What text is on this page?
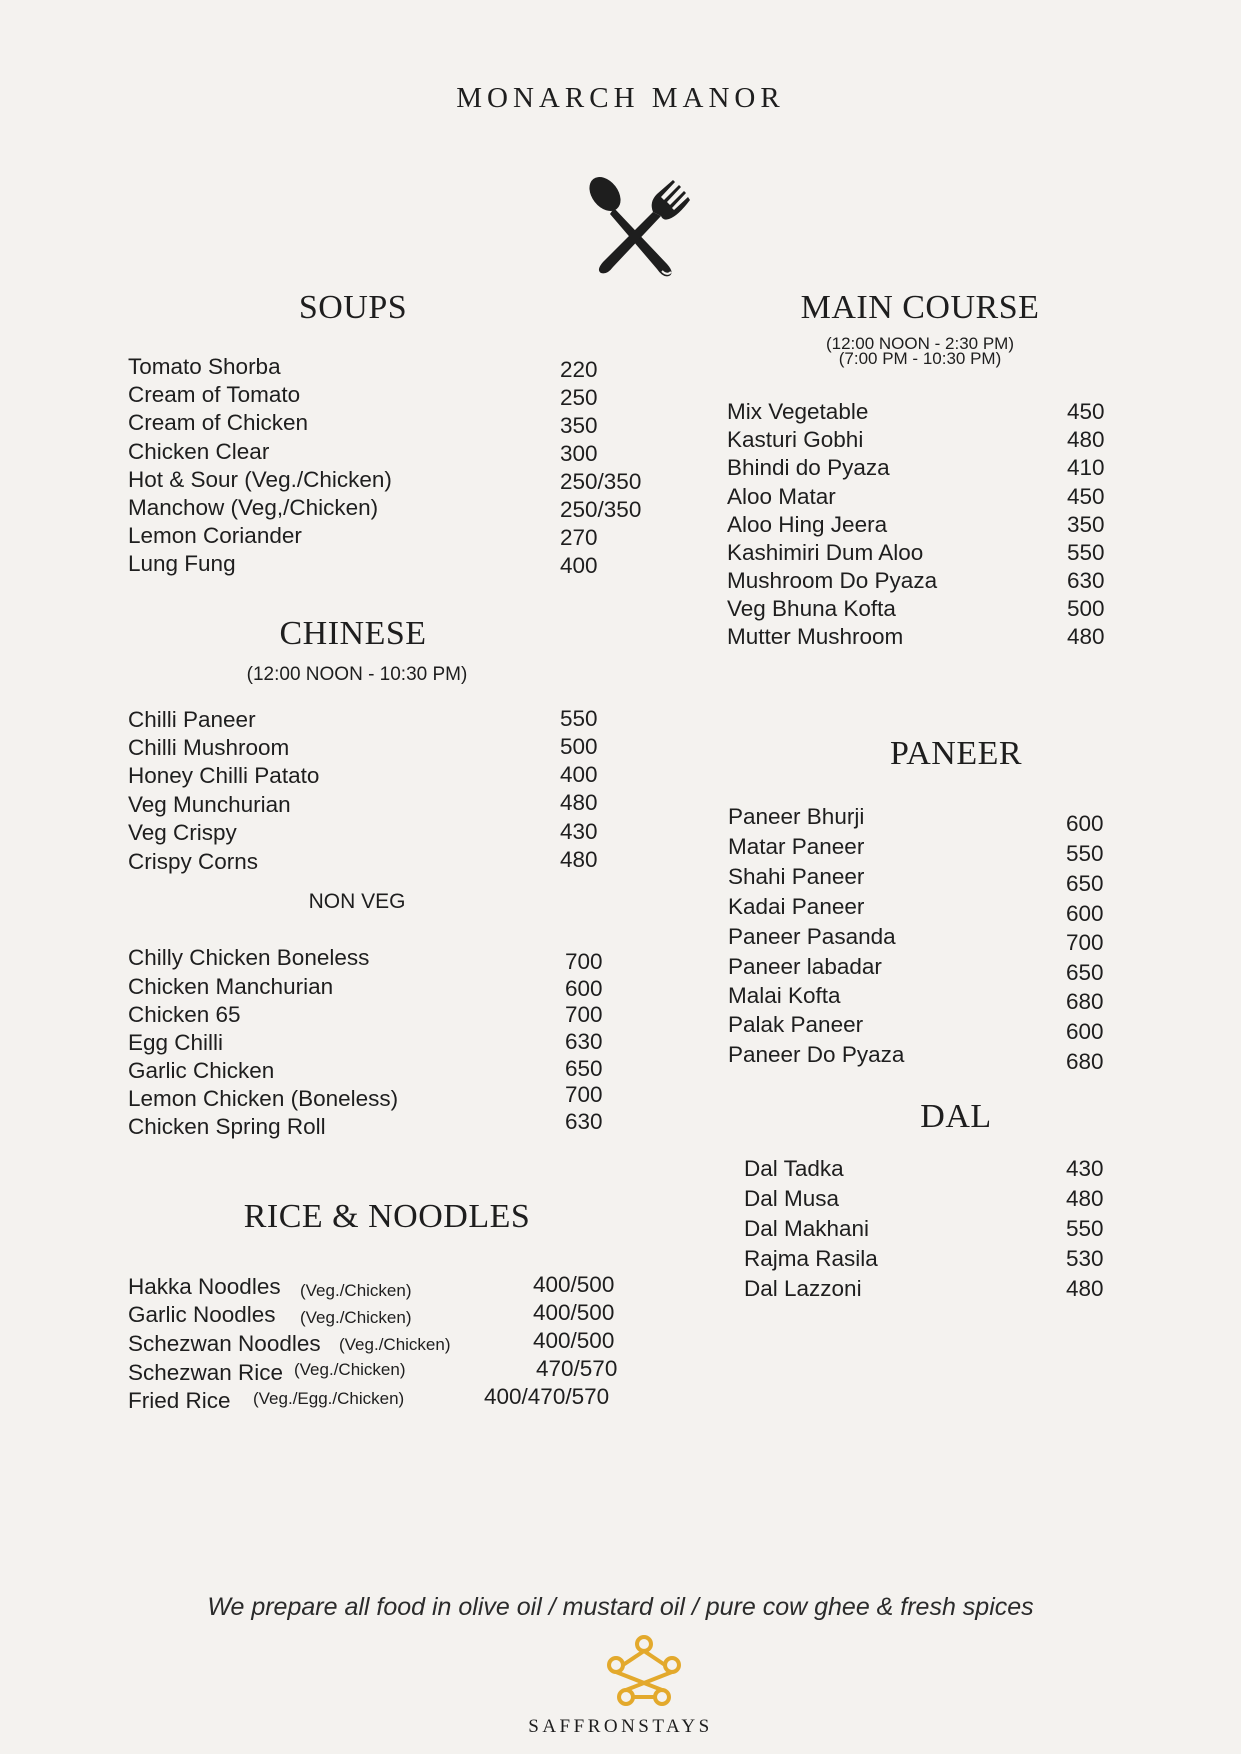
MONARCH MANOR
SOUPS
Tomato Shorba	220
Cream of Tomato	250
Cream of Chicken	350
Chicken Clear	300
Hot & Sour (Veg./Chicken)	250/350
Manchow (Veg,/Chicken)	250/350
Lemon Coriander	270
Lung Fung	400
CHINESE
(12:00 NOON - 10:30 PM)
Chilli Paneer	550
Chilli Mushroom	500
Honey Chilli Patato	400
Veg Munchurian	480
Veg Crispy	430
Crispy Corns	480
NON VEG
Chilly Chicken Boneless	700
Chicken Manchurian	600
Chicken 65	700
Egg Chilli	630
Garlic Chicken	650
Lemon Chicken (Boneless)	700
Chicken Spring Roll	630
RICE & NOODLES
Hakka Noodles (Veg./Chicken)	400/500
Garlic Noodles (Veg./Chicken)	400/500
Schezwan Noodles (Veg./Chicken)	400/500
Schezwan Rice (Veg./Chicken)	470/570
Fried Rice (Veg./Egg./Chicken)	400/470/570
MAIN COURSE
(12:00 NOON - 2:30 PM)
(7:00 PM - 10:30 PM)
Mix Vegetable	450
Kasturi Gobhi	480
Bhindi do Pyaza	410
Aloo Matar	450
Aloo Hing Jeera	350
Kashimiri Dum Aloo	550
Mushroom Do Pyaza	630
Veg Bhuna Kofta	500
Mutter Mushroom	480
PANEER
Paneer Bhurji	600
Matar Paneer	550
Shahi Paneer	650
Kadai Paneer	600
Paneer Pasanda	700
Paneer labadar	650
Malai Kofta	680
Palak Paneer	600
Paneer Do Pyaza	680
DAL
Dal Tadka	430
Dal Musa	480
Dal Makhani	550
Rajma Rasila	530
Dal Lazzoni	480
We prepare all food in olive oil / mustard oil / pure cow ghee & fresh spices
SAFFRONSTAYS
